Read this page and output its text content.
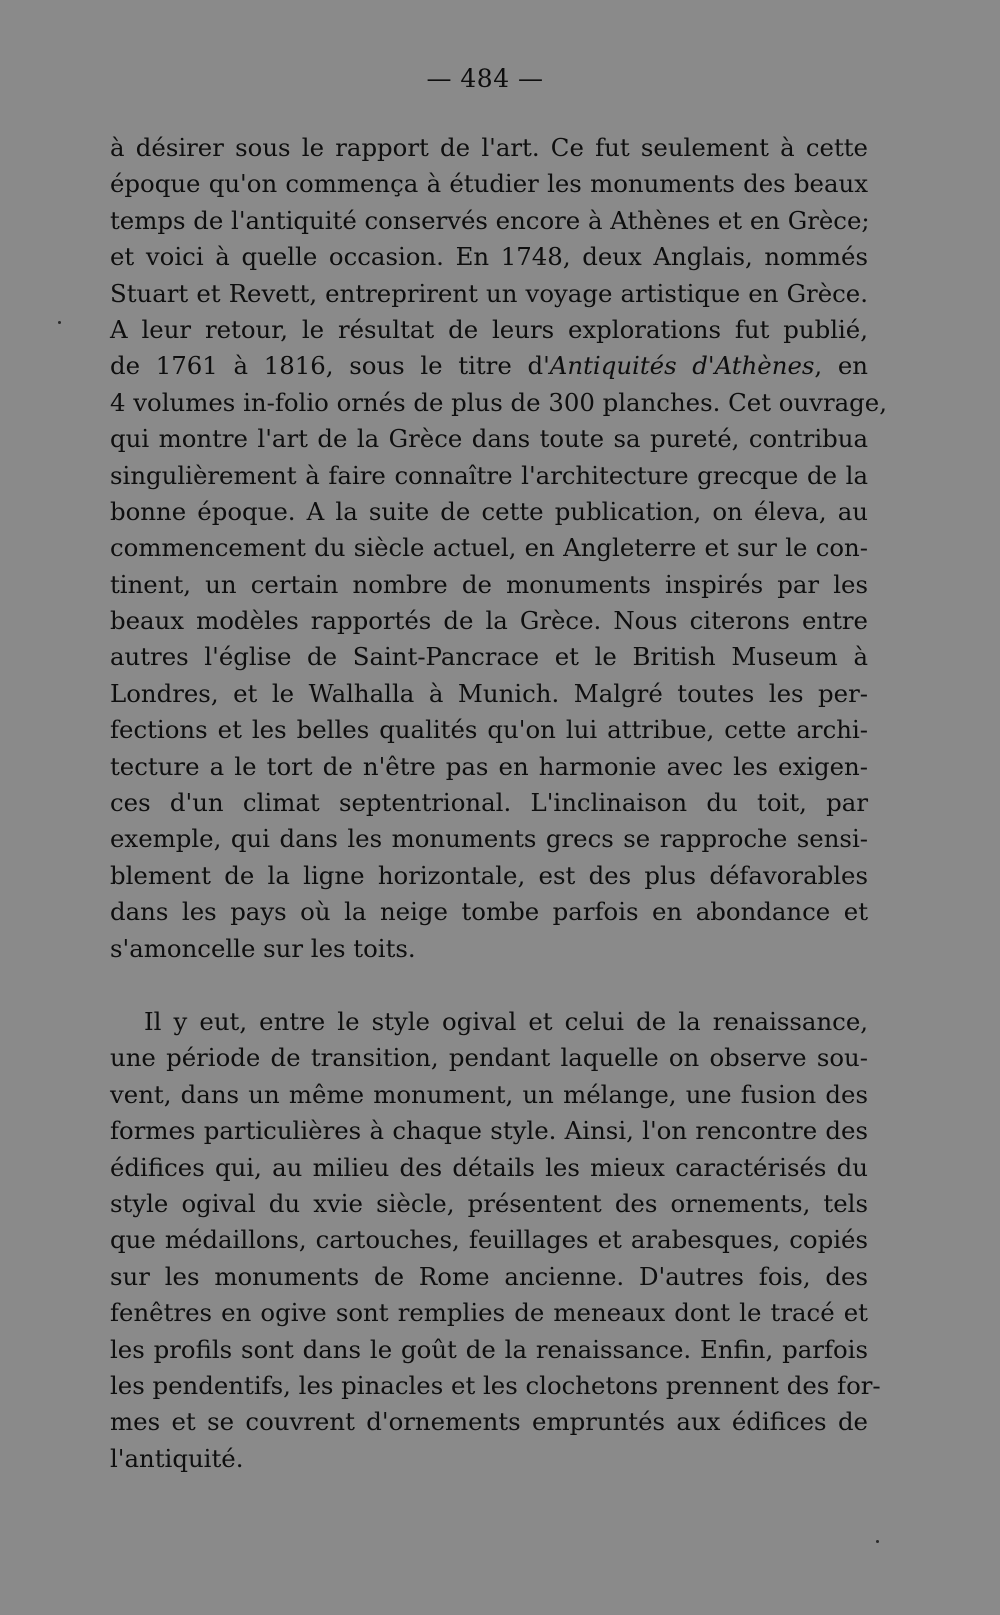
— 484 —
à désirer sous le rapport de l'art. Ce fut seulement à cette
époque qu'on commença à étudier les monuments des beaux
temps de l'antiquité conservés encore à Athènes et en Grèce;
et voici à quelle occasion. En 1748, deux Anglais, nommés
Stuart et Revett, entreprirent un voyage artistique en Grèce.
A leur retour, le résultat de leurs explorations fut publié,
de 1761 à 1816, sous le titre d'Antiquités d'Athènes, en
4 volumes in-folio ornés de plus de 300 planches. Cet ouvrage,
qui montre l'art de la Grèce dans toute sa pureté, contribua
singulièrement à faire connaître l'architecture grecque de la
bonne époque. A la suite de cette publication, on éleva, au
commencement du siècle actuel, en Angleterre et sur le con-
tinent, un certain nombre de monuments inspirés par les
beaux modèles rapportés de la Grèce. Nous citerons entre
autres l'église de Saint-Pancrace et le British Museum à
Londres, et le Walhalla à Munich. Malgré toutes les per-
fections et les belles qualités qu'on lui attribue, cette archi-
tecture a le tort de n'être pas en harmonie avec les exigen-
ces d'un climat septentrional. L'inclinaison du toit, par
exemple, qui dans les monuments grecs se rapproche sensi-
blement de la ligne horizontale, est des plus défavorables
dans les pays où la neige tombe parfois en abondance et
s'amoncelle sur les toits.
Il y eut, entre le style ogival et celui de la renaissance,
une période de transition, pendant laquelle on observe sou-
vent, dans un même monument, un mélange, une fusion des
formes particulières à chaque style. Ainsi, l'on rencontre des
édifices qui, au milieu des détails les mieux caractérisés du
style ogival du xvie siècle, présentent des ornements, tels
que médaillons, cartouches, feuillages et arabesques, copiés
sur les monuments de Rome ancienne. D'autres fois, des
fenêtres en ogive sont remplies de meneaux dont le tracé et
les profils sont dans le goût de la renaissance. Enfin, parfois
les pendentifs, les pinacles et les clochetons prennent des for-
mes et se couvrent d'ornements empruntés aux édifices de
l'antiquité.
